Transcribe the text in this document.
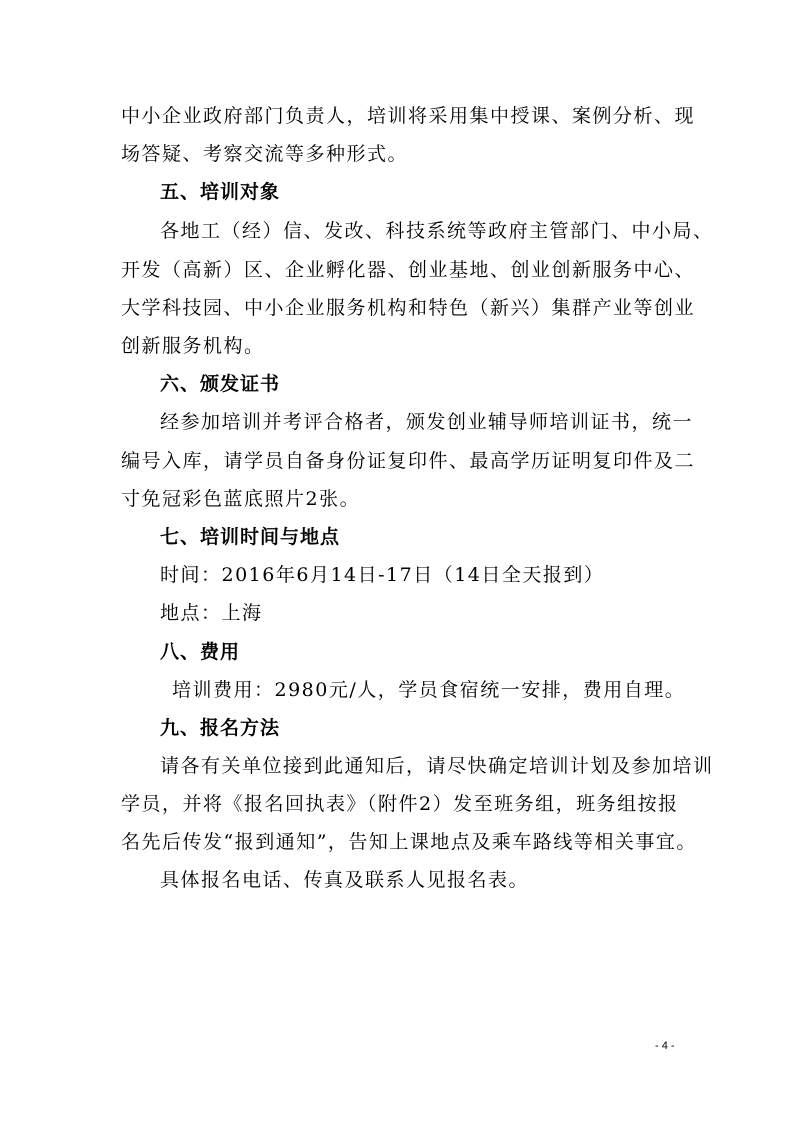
中小企业政府部门负责人，培训将采用集中授课、案例分析、现
场答疑、考察交流等多种形式。
五、培训对象
各地工（经）信、发改、科技系统等政府主管部门、中小局、
开发（高新）区、企业孵化器、创业基地、创业创新服务中心、
大学科技园、中小企业服务机构和特色（新兴）集群产业等创业
创新服务机构。
六、颁发证书
经参加培训并考评合格者，颁发创业辅导师培训证书，统一
编号入库，请学员自备身份证复印件、最高学历证明复印件及二
寸免冠彩色蓝底照片2张。
七、培训时间与地点
时间：2016年6月14日-17日（14日全天报到）
地点：上海
八、费用
培训费用：2980元/人，学员食宿统一安排，费用自理。
九、报名方法
请各有关单位接到此通知后，请尽快确定培训计划及参加培训
学员，并将《报名回执表》（附件2）发至班务组，班务组按报
名先后传发“报到通知”，告知上课地点及乘车路线等相关事宜。
具体报名电话、传真及联系人见报名表。
- 4 -
